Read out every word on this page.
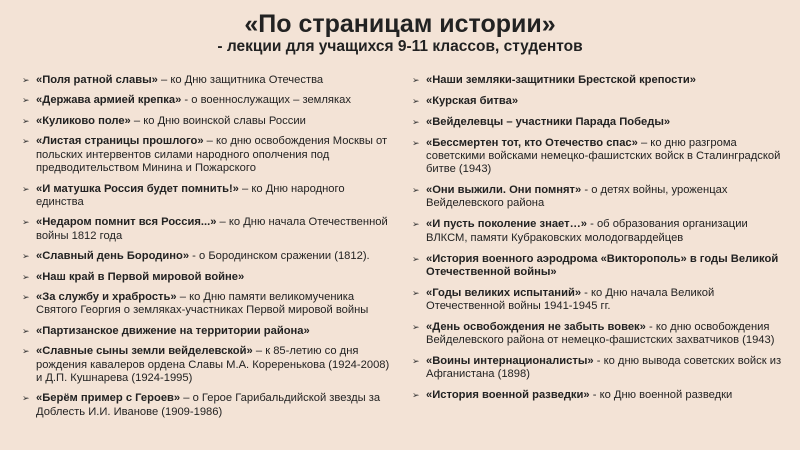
«По страницам истории»
- лекции для учащихся 9-11 классов, студентов
➢ «Поля ратной славы» – ко Дню защитника Отечества
➢ «Держава армией крепка» - о военнослужащих – земляках
➢ «Куликово поле» – ко Дню воинской славы России
➢ «Листая страницы прошлого» – ко дню освобождения Москвы от польских интервентов силами народного ополчения под предводительством Минина и Пожарского
➢ «И матушка Россия будет помнить!» – ко Дню народного единства
➢ «Недаром помнит вся Россия...» – ко Дню начала Отечественной войны 1812 года
➢ «Славный день Бородино» - о Бородинском сражении (1812).
➢ «Наш край в Первой мировой войне»
➢ «За службу и храбрость» – ко Дню памяти великомученика Святого Георгия о земляках-участниках Первой мировой войны
➢ «Партизанское движение на территории района»
➢ «Славные сыны земли вейделевской» – к 85-летию со дня рождения кавалеров ордена Славы М.А. Кореренькова (1924-2008) и Д.П. Кушнарева (1924-1995)
➢ «Берём пример с Героев» – о Герое Гарибальдийской звезды за Доблесть И.И. Иванове (1909-1986)
➢ «Наши земляки-защитники Брестской крепости»
➢ «Курская битва»
➢ «Вейделевцы – участники Парада Победы»
➢ «Бессмертен тот, кто Отечество спас» – ко дню разгрома советскими войсками немецко-фашистских войск в Сталинградской битве (1943)
➢ «Они выжили. Они помнят» - о детях войны, уроженцах Вейделевского района
➢ «И пусть поколение знает…» - об образования организации ВЛКСМ, памяти Кубраковских молодогвардейцев
➢ «История военного аэродрома «Викторополь» в годы Великой Отечественной войны»
➢ «Годы великих испытаний» - ко Дню начала Великой Отечественной войны 1941-1945 гг.
➢ «День освобождения не забыть вовек» - ко дню освобождения Вейделевского района от немецко-фашистских захватчиков (1943)
➢ «Воины интернационалисты» - ко дню вывода советских войск из Афганистана (1898)
➢ «История военной разведки» - ко Дню военной разведки
